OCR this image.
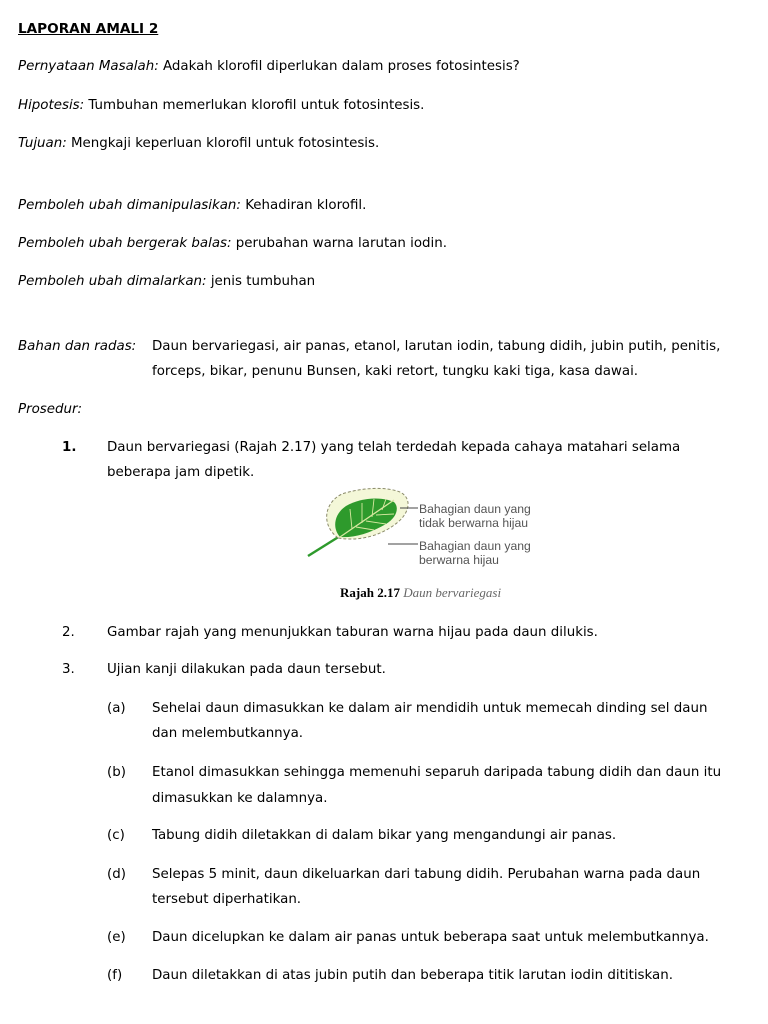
LAPORAN AMALI 2
Pernyataan Masalah: Adakah klorofil diperlukan dalam proses fotosintesis?
Hipotesis: Tumbuhan memerlukan klorofil untuk fotosintesis.
Tujuan: Mengkaji keperluan klorofil untuk fotosintesis.
Pemboleh ubah dimanipulasikan: Kehadiran klorofil.
Pemboleh ubah bergerak balas: perubahan warna larutan iodin.
Pemboleh ubah dimalarkan: jenis tumbuhan
Bahan dan radas: Daun bervariegasi, air panas, etanol, larutan iodin, tabung didih, jubin putih, penitis,
forceps, bikar, penunu Bunsen, kaki retort, tungku kaki tiga, kasa dawai.
Prosedur:
1. Daun bervariegasi (Rajah 2.17) yang telah terdedah kepada cahaya matahari selama
beberapa jam dipetik.
Bahagian daun yang
tidak berwarna hijau
Bahagian daun yang
berwarna hijau
Rajah 2.17 Daun bervariegasi
2. Gambar rajah yang menunjukkan taburan warna hijau pada daun dilukis.
3. Ujian kanji dilakukan pada daun tersebut.
(a) Sehelai daun dimasukkan ke dalam air mendidih untuk memecah dinding sel daun
dan melembutkannya.
(b) Etanol dimasukkan sehingga memenuhi separuh daripada tabung didih dan daun itu
dimasukkan ke dalamnya.
(c) Tabung didih diletakkan di dalam bikar yang mengandungi air panas.
(d) Selepas 5 minit, daun dikeluarkan dari tabung didih. Perubahan warna pada daun
tersebut diperhatikan.
(e) Daun dicelupkan ke dalam air panas untuk beberapa saat untuk melembutkannya.
(f) Daun diletakkan di atas jubin putih dan beberapa titik larutan iodin dititiskan.
